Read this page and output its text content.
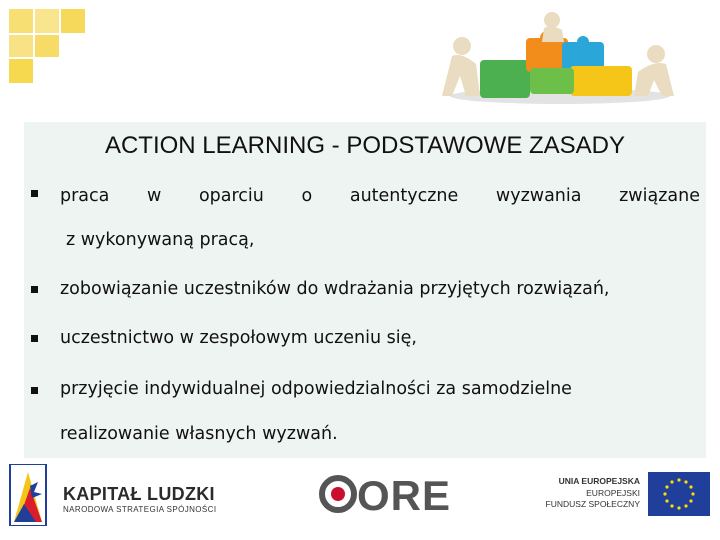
ACTION LEARNING - PODSTAWOWE ZASADY
praca w oparciu o autentyczne wyzwania związane
z wykonywaną pracą,
zobowiązanie uczestników do wdrażania przyjętych rozwiązań,
uczestnictwo w zespołowym uczeniu się,
przyjęcie indywidualnej odpowiedzialności za samodzielne
realizowanie własnych wyzwań.
KAPITAŁ LUDZKI
NARODOWA STRATEGIA SPÓJNOŚCI	ORE	UNIA EUROPEJSKA
EUROPEJSKI
FUNDUSZ SPOŁECZNY
